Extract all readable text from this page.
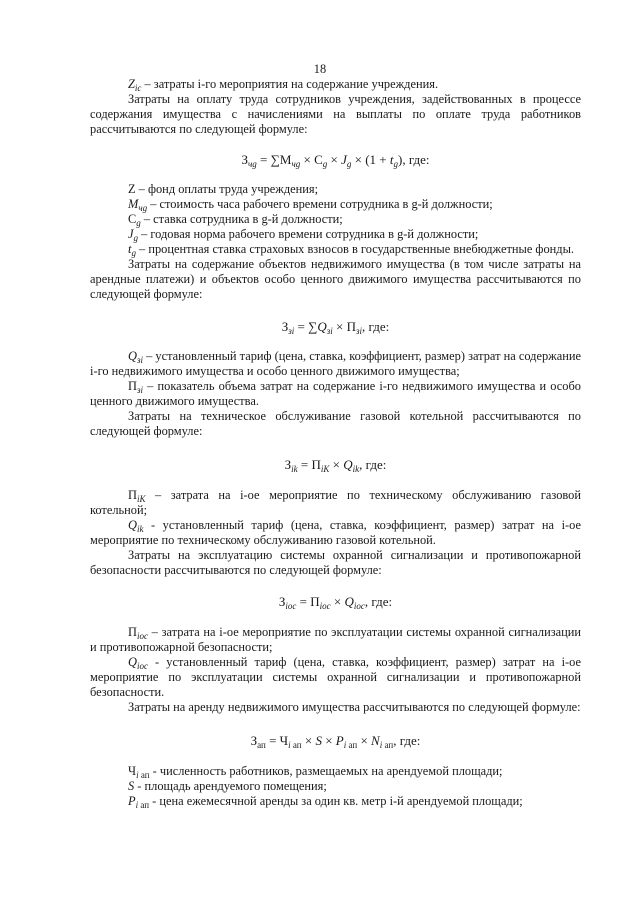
18

$Z_{ic}$ – затраты i-го мероприятия на содержание учреждения.

Затраты на оплату труда сотрудников учреждения, задействованных в процессе содержания имущества с начислениями на выплаты по оплате труда работников рассчитываются по следующей формуле:

$З_{чg} = \sum М_{чg} \times С_g \times J_g \times (1 + t_g)$, где:

Z – фонд оплаты труда учреждения;

$M_{чg}$ – стоимость часа рабочего времени сотрудника в g-й должности;

$С_g$ – ставка сотрудника в g-й должности;

$J_g$ – годовая норма рабочего времени сотрудника в g-й должности;

$t_g$ – процентная ставка страховых взносов в государственные внебюджетные фонды.

Затраты на содержание объектов недвижимого имущества (в том числе затраты на арендные платежи) и объектов особо ценного движимого имущества рассчитываются по следующей формуле:

$З_{зi} = \sum Q_{зi} \times П_{зi}$, где:

$Q_{зi}$ – установленный тариф (цена, ставка, коэффициент, размер) затрат на содержание i-го недвижимого имущества и особо ценного движимого имущества;

$П_{зi}$ – показатель объема затрат на содержание i-го недвижимого имущества и особо ценного движимого имущества.

Затраты на техническое обслуживание газовой котельной рассчитываются по следующей формуле:

$З_{ik} = П_{iK} \times Q_{ik}$, где:

$П_{iK}$ – затрата на i-ое мероприятие по техническому обслуживанию газовой котельной;

$Q_{ik}$ - установленный тариф (цена, ставка, коэффициент, размер) затрат на i-ое мероприятие по техническому обслуживанию газовой котельной.

Затраты на эксплуатацию системы охранной сигнализации и противопожарной безопасности рассчитываются по следующей формуле:

$З_{ioc} = П_{ioc} \times Q_{ioc}$, где:

$П_{ioc}$ – затрата на i-ое мероприятие по эксплуатации системы охранной сигнализации и противопожарной безопасности;

$Q_{ioc}$ - установленный тариф (цена, ставка, коэффициент, размер) затрат на i-ое мероприятие по эксплуатации системы охранной сигнализации и противопожарной безопасности.

Затраты на аренду недвижимого имущества рассчитываются по следующей формуле:

$З_{ап} = Ч_{i ап} \times S \times P_{i ап} \times N_{i ап}$, где:

$Ч_{i ап}$ - численность работников, размещаемых на арендуемой площади;

S - площадь арендуемого помещения;

$P_{i ап}$ - цена ежемесячной аренды за один кв. метр i-й арендуемой площади;
